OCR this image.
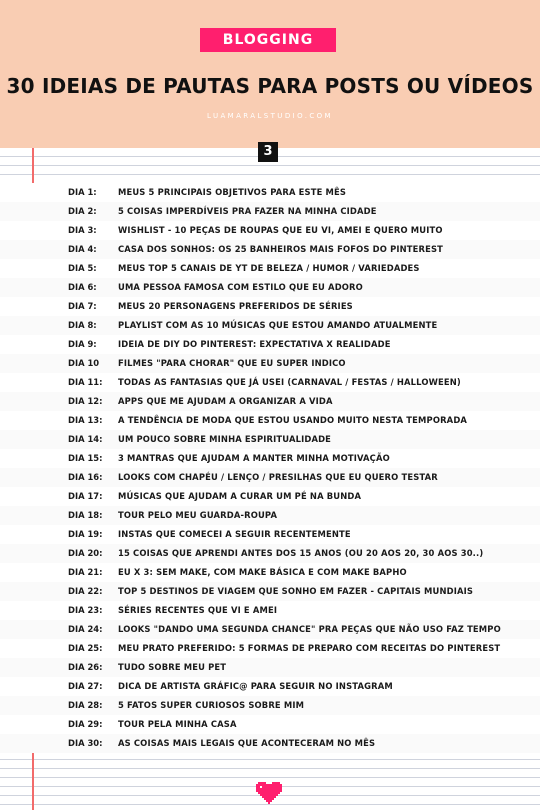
BLOGGING
30 IDEIAS DE PAUTAS PARA POSTS OU VÍDEOS
LUAMARALSTUDIO.COM
3
DIA 1:	MEUS 5 PRINCIPAIS OBJETIVOS PARA ESTE MÊS
DIA 2:	5 COISAS IMPERDÍVEIS PRA FAZER NA MINHA CIDADE
DIA 3:	WISHLIST - 10 PEÇAS DE ROUPAS QUE EU VI, AMEI E QUERO MUITO
DIA 4:	CASA DOS SONHOS: OS 25 BANHEIROS MAIS FOFOS DO PINTEREST
DIA 5:	MEUS TOP 5 CANAIS DE YT DE BELEZA / HUMOR / VARIEDADES
DIA 6:	UMA PESSOA FAMOSA COM ESTILO QUE EU ADORO
DIA 7:	MEUS 20 PERSONAGENS PREFERIDOS DE SÉRIES
DIA 8:	PLAYLIST COM AS 10 MÚSICAS QUE ESTOU AMANDO ATUALMENTE
DIA 9:	IDEIA DE DIY DO PINTEREST: EXPECTATIVA X REALIDADE
DIA 10 FILMES "PARA CHORAR" QUE EU SUPER INDICO
DIA 11: TODAS AS FANTASIAS QUE JÁ USEI (CARNAVAL / FESTAS / HALLOWEEN)
DIA 12: APPS QUE ME AJUDAM A ORGANIZAR A VIDA
DIA 13: A TENDÊNCIA DE MODA QUE ESTOU USANDO MUITO NESTA TEMPORADA
DIA 14: UM POUCO SOBRE MINHA ESPIRITUALIDADE
DIA 15: 3 MANTRAS QUE AJUDAM A MANTER MINHA MOTIVAÇÃO
DIA 16: LOOKS COM CHAPÉU / LENÇO / PRESILHAS QUE EU QUERO TESTAR
DIA 17: MÚSICAS QUE AJUDAM A CURAR UM PÉ NA BUNDA
DIA 18: TOUR PELO MEU GUARDA-ROUPA
DIA 19: INSTAS QUE COMECEI A SEGUIR RECENTEMENTE
DIA 20: 15 COISAS QUE APRENDI ANTES DOS 15 ANOS (OU 20 AOS 20, 30 AOS 30..)
DIA 21: EU X 3: SEM MAKE, COM MAKE BÁSICA E COM MAKE BAPHO
DIA 22: TOP 5 DESTINOS DE VIAGEM QUE SONHO EM FAZER - CAPITAIS MUNDIAIS
DIA 23: SÉRIES RECENTES QUE VI E AMEI
DIA 24: LOOKS "DANDO UMA SEGUNDA CHANCE" PRA PEÇAS QUE NÃO USO FAZ TEMPO
DIA 25: MEU PRATO PREFERIDO: 5 FORMAS DE PREPARO COM RECEITAS DO PINTEREST
DIA 26: TUDO SOBRE MEU PET
DIA 27: DICA DE ARTISTA GRÁFIC@ PARA SEGUIR NO INSTAGRAM
DIA 28: 5 FATOS SUPER CURIOSOS SOBRE MIM
DIA 29: TOUR PELA MINHA CASA
DIA 30: AS COISAS MAIS LEGAIS QUE ACONTECERAM NO MÊS
